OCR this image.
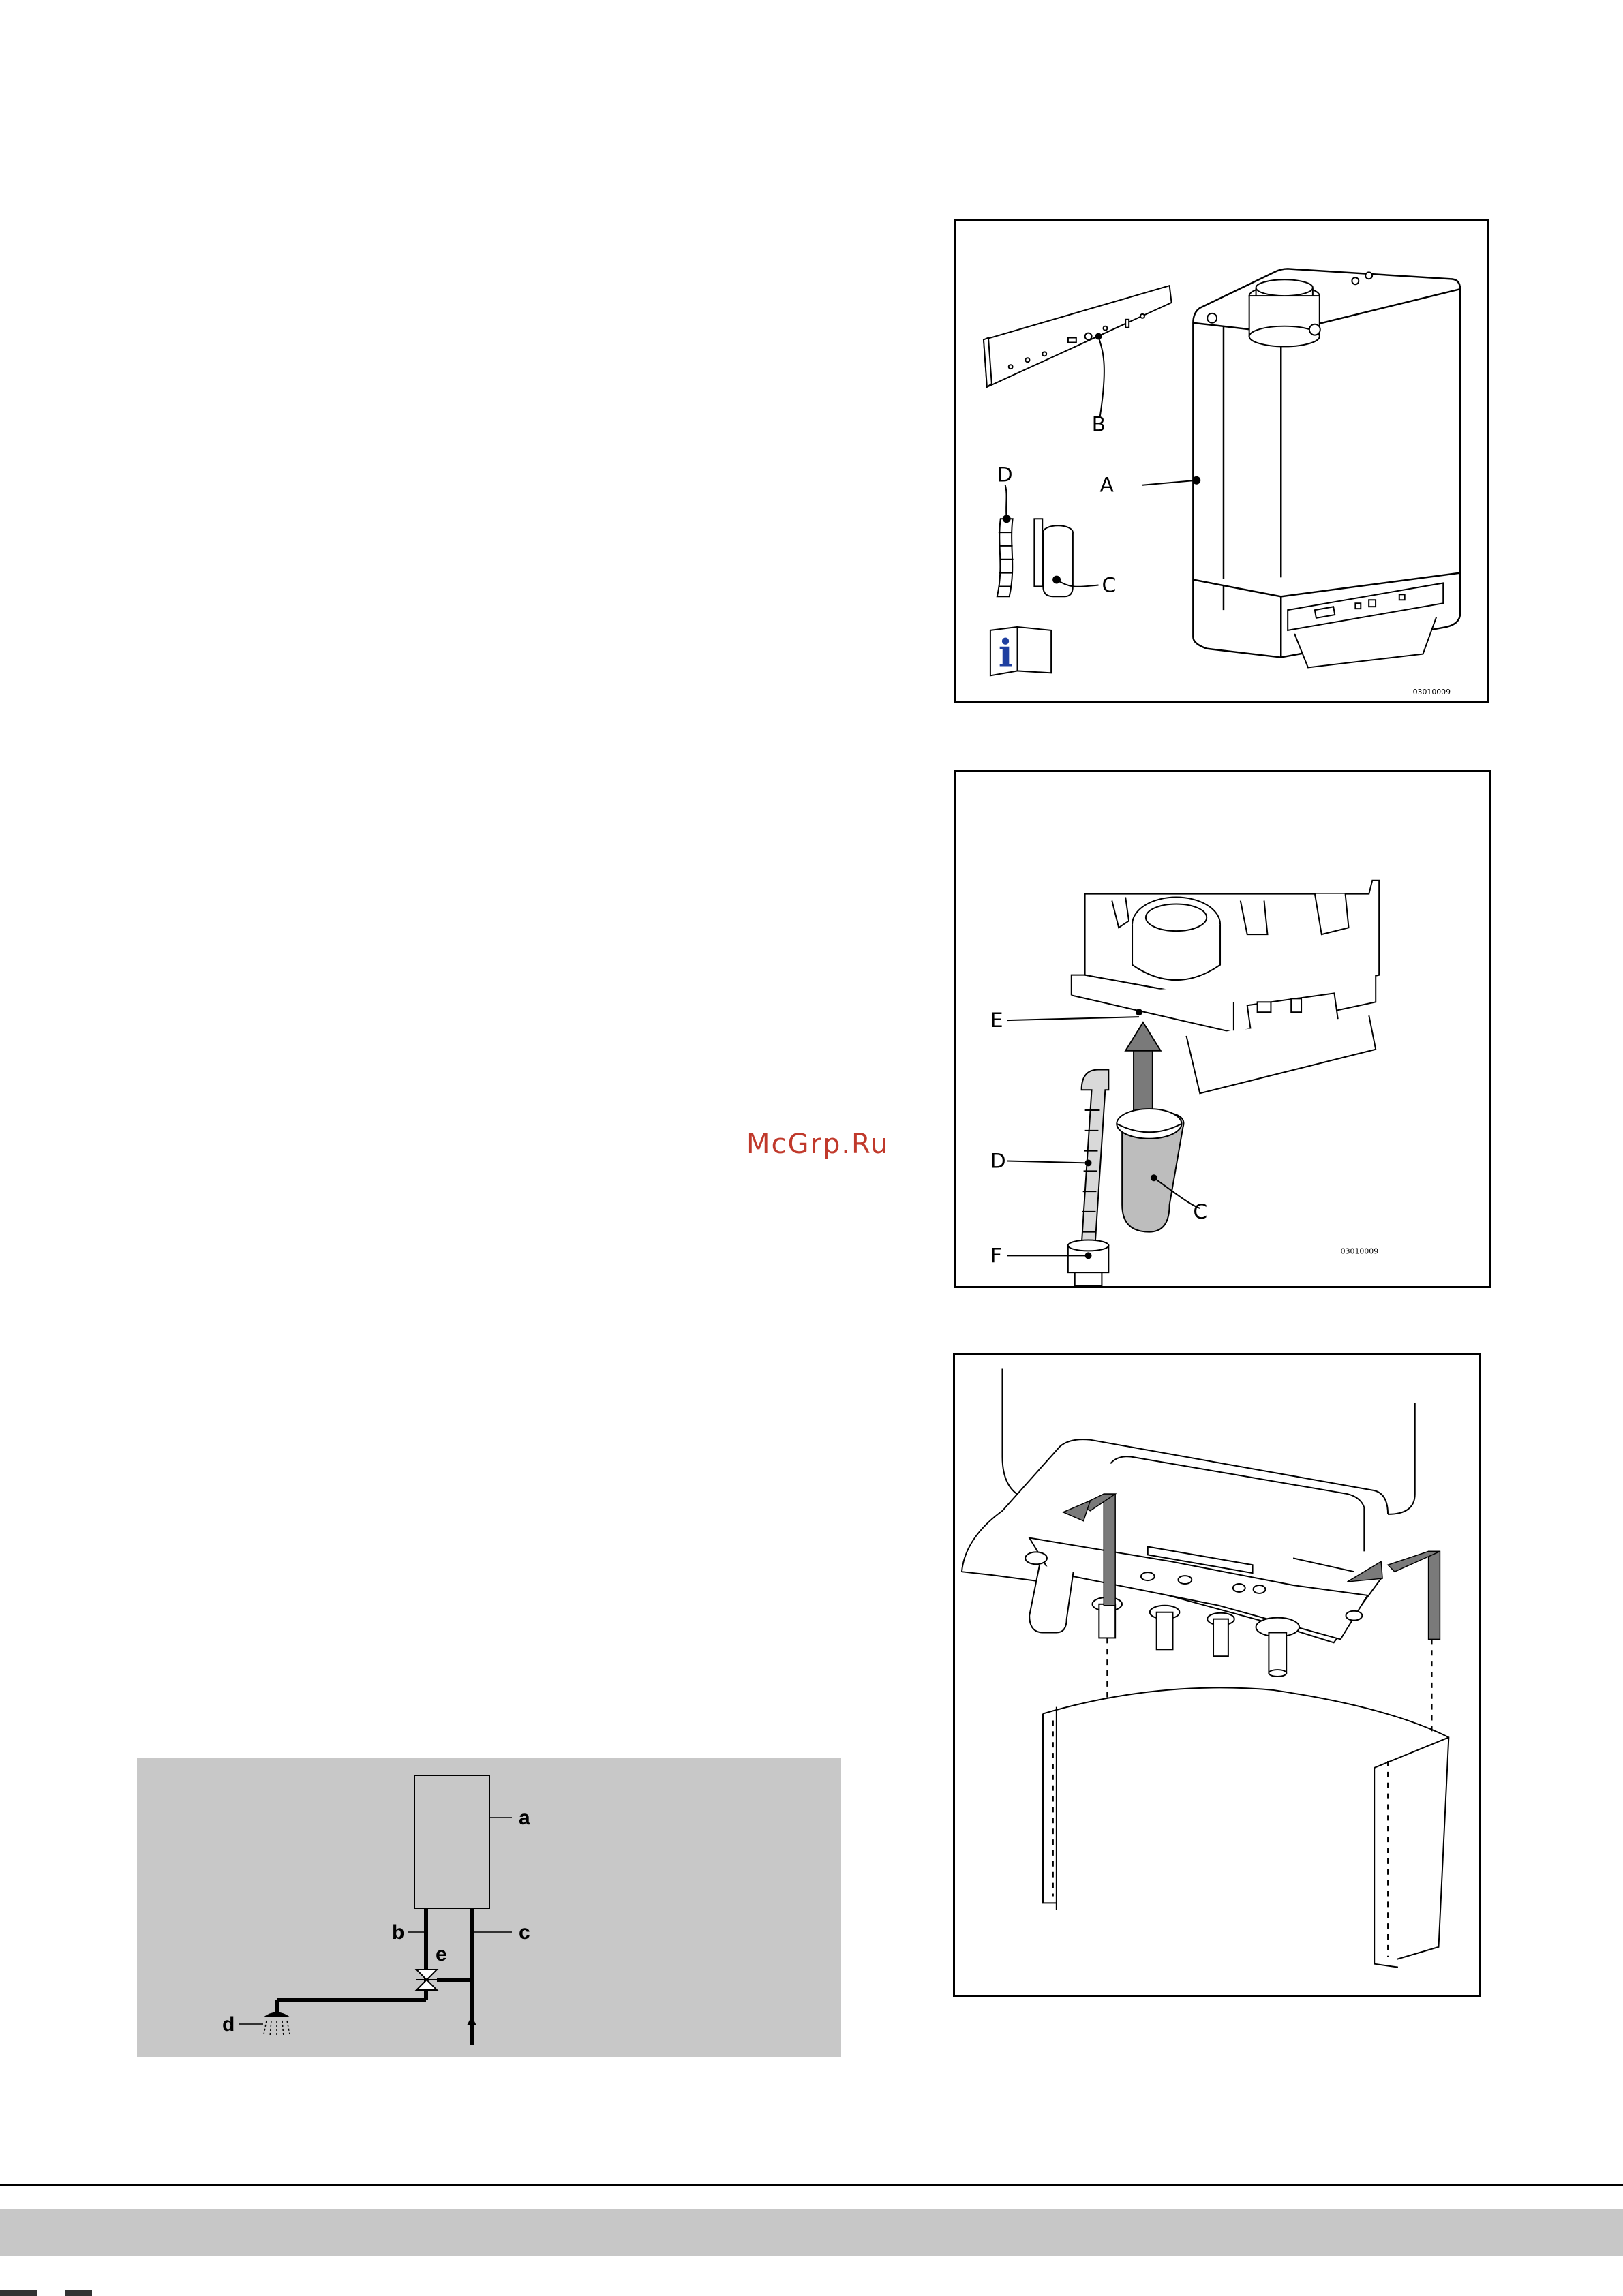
i
B
A
D
C
03010009
E
D
C
F	03010009
McGrp.Ru
a
b	c
e
d
